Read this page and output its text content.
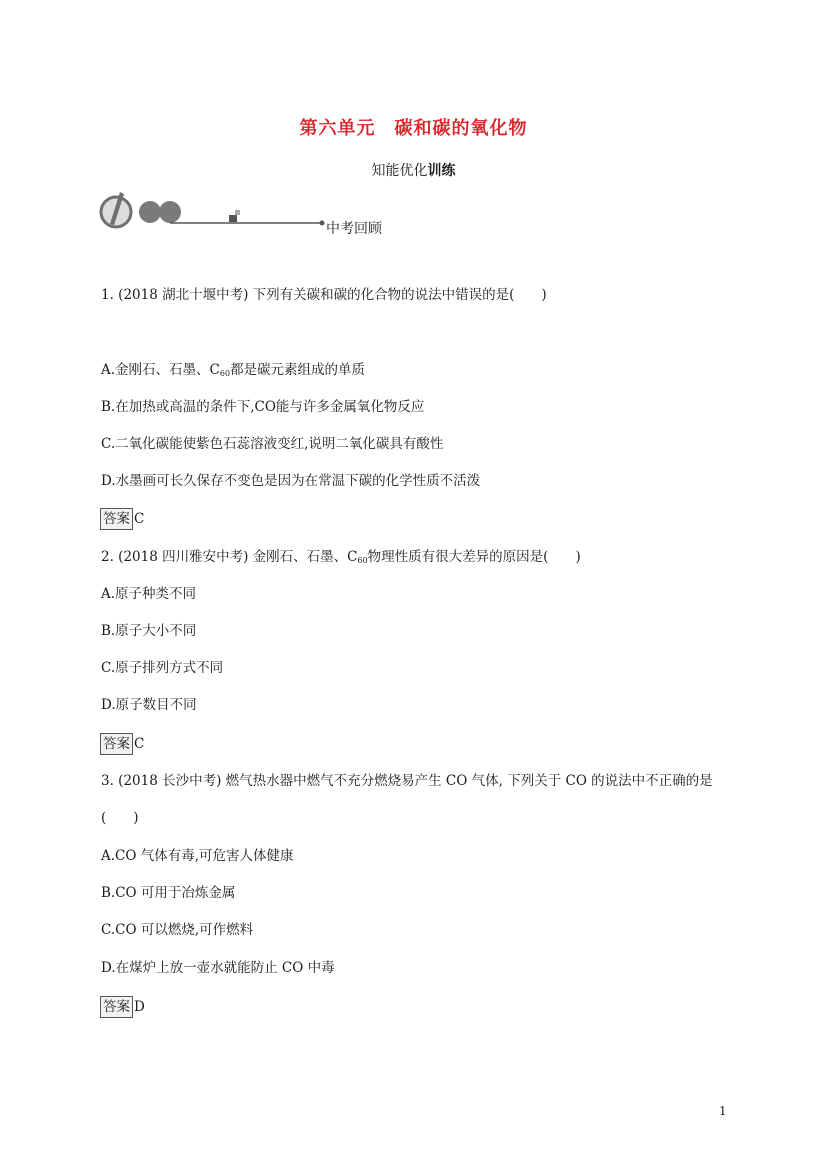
第六单元　碳和碳的氧化物
知能优化训练
中考回顾
1. (2018 湖北十堰中考) 下列有关碳和碳的化合物的说法中错误的是(　　)
A.金刚石、石墨、$C_{60}$都是碳元素组成的单质
B.在加热或高温的条件下,CO能与许多金属氧化物反应
C.二氧化碳能使紫色石蕊溶液变红,说明二氧化碳具有酸性
D.水墨画可长久保存不变色是因为在常温下碳的化学性质不活泼
答案 C
2. (2018 四川雅安中考) 金刚石、石墨、$C_{60}$物理性质有很大差异的原因是(　　)
A.原子种类不同
B.原子大小不同
C.原子排列方式不同
D.原子数目不同
答案 C
3. (2018 长沙中考) 燃气热水器中燃气不充分燃烧易产生 CO 气体, 下列关于 CO 的说法中不正确的是
(　　)
A.CO 气体有毒,可危害人体健康
B.CO 可用于冶炼金属
C.CO 可以燃烧,可作燃料
D.在煤炉上放一壶水就能防止 CO 中毒
答案 D
1
